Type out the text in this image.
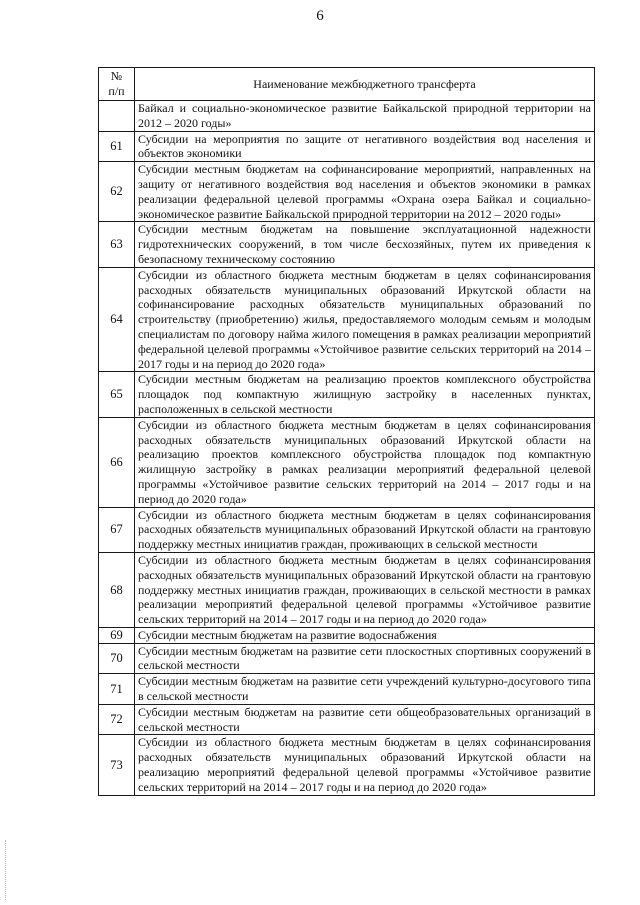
6
№
п/п	Наименование межбюджетного трансферта
	Байкал и социально-экономическое развитие Байкальской природной территории на 2012 – 2020 годы»
61	Субсидии на мероприятия по защите от негативного воздействия вод населения и объектов экономики
62	Субсидии местным бюджетам на софинансирование мероприятий, направленных на защиту от негативного воздействия вод населения и объектов экономики в рамках реализации федеральной целевой программы «Охрана озера Байкал и социально-экономическое развитие Байкальской природной территории на 2012 – 2020 годы»
63	Субсидии местным бюджетам на повышение эксплуатационной надежности гидротехнических сооружений, в том числе бесхозяйных, путем их приведения к безопасному техническому состоянию
64	Субсидии из областного бюджета местным бюджетам в целях софинансирования расходных обязательств муниципальных образований Иркутской области на софинансирование расходных обязательств муниципальных образований по строительству (приобретению) жилья, предоставляемого молодым семьям и молодым специалистам по договору найма жилого помещения в рамках реализации мероприятий федеральной целевой программы «Устойчивое развитие сельских территорий на 2014 – 2017 годы и на период до 2020 года»
65	Субсидии местным бюджетам на реализацию проектов комплексного обустройства площадок под компактную жилищную застройку в населенных пунктах, расположенных в сельской местности
66	Субсидии из областного бюджета местным бюджетам в целях софинансирования расходных обязательств муниципальных образований Иркутской области на реализацию проектов комплексного обустройства площадок под компактную жилищную застройку в рамках реализации мероприятий федеральной целевой программы «Устойчивое развитие сельских территорий на 2014 – 2017 годы и на период до 2020 года»
67	Субсидии из областного бюджета местным бюджетам в целях софинансирования расходных обязательств муниципальных образований Иркутской области на грантовую поддержку местных инициатив граждан, проживающих в сельской местности
68	Субсидии из областного бюджета местным бюджетам в целях софинансирования расходных обязательств муниципальных образований Иркутской области на грантовую поддержку местных инициатив граждан, проживающих в сельской местности в рамках реализации мероприятий федеральной целевой программы «Устойчивое развитие сельских территорий на 2014 – 2017 годы и на период до 2020 года»
69	Субсидии местным бюджетам на развитие водоснабжения
70	Субсидии местным бюджетам на развитие сети плоскостных спортивных сооружений в сельской местности
71	Субсидии местным бюджетам на развитие сети учреждений культурно-досугового типа в сельской местности
72	Субсидии местным бюджетам на развитие сети общеобразовательных организаций в сельской местности
73	Субсидии из областного бюджета местным бюджетам в целях софинансирования расходных обязательств муниципальных образований Иркутской области на реализацию мероприятий федеральной целевой программы «Устойчивое развитие сельских территорий на 2014 – 2017 годы и на период до 2020 года»
